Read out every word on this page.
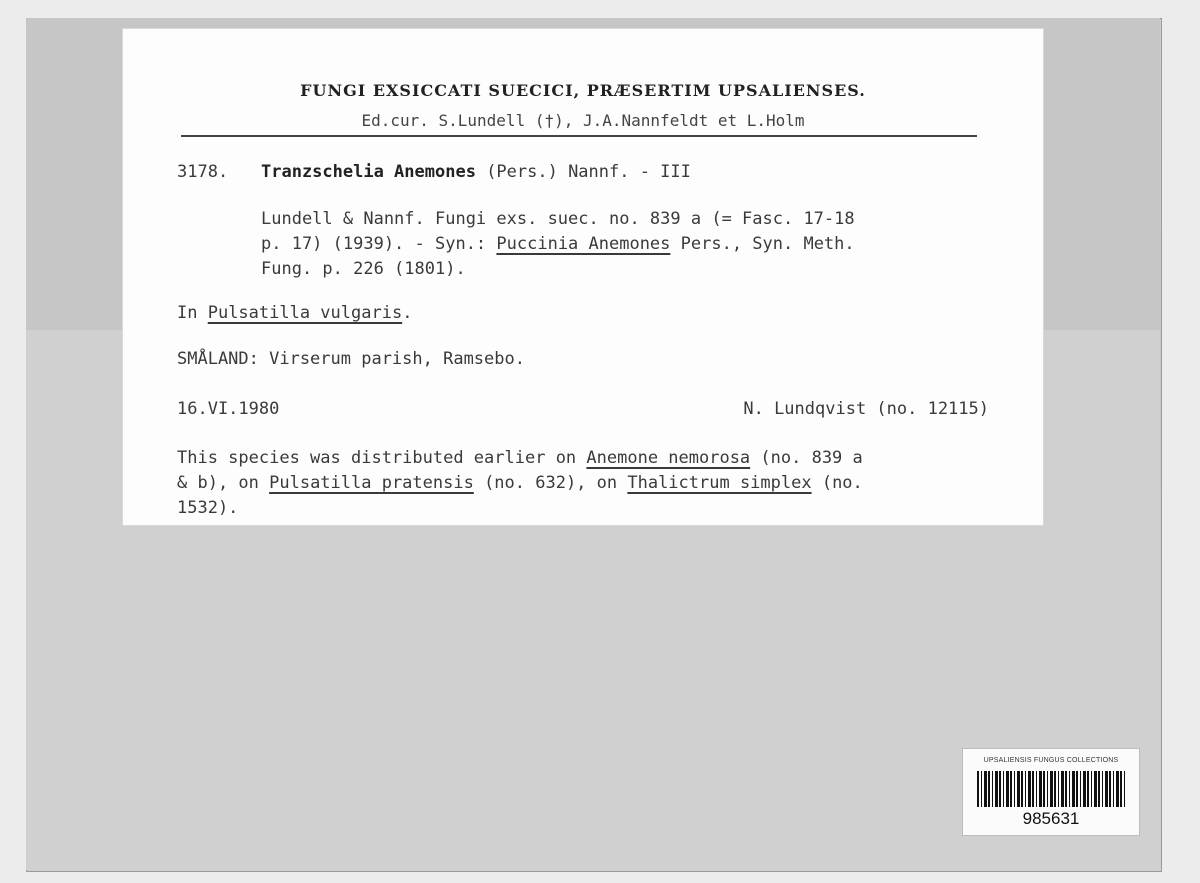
FUNGI EXSICCATI SUECICI, PRÆSERTIM UPSALIENSES.
Ed.cur. S.Lundell (†), J.A.Nannfeldt et L.Holm
3178. Tranzschelia Anemones (Pers.) Nannf. - III
Lundell & Nannf. Fungi exs. suec. no. 839 a (= Fasc. 17-18
p. 17) (1939). - Syn.: Puccinia Anemones Pers., Syn. Meth.
Fung. p. 226 (1801).
In Pulsatilla vulgaris.
SMÅLAND: Virserum parish, Ramsebo.
16.VI.1980	N. Lundqvist (no. 12115)
This species was distributed earlier on Anemone nemorosa (no. 839 a
& b), on Pulsatilla pratensis (no. 632), on Thalictrum simplex (no.
1532).
UPSALIENSIS FUNGUS COLLECTIONS
985631
